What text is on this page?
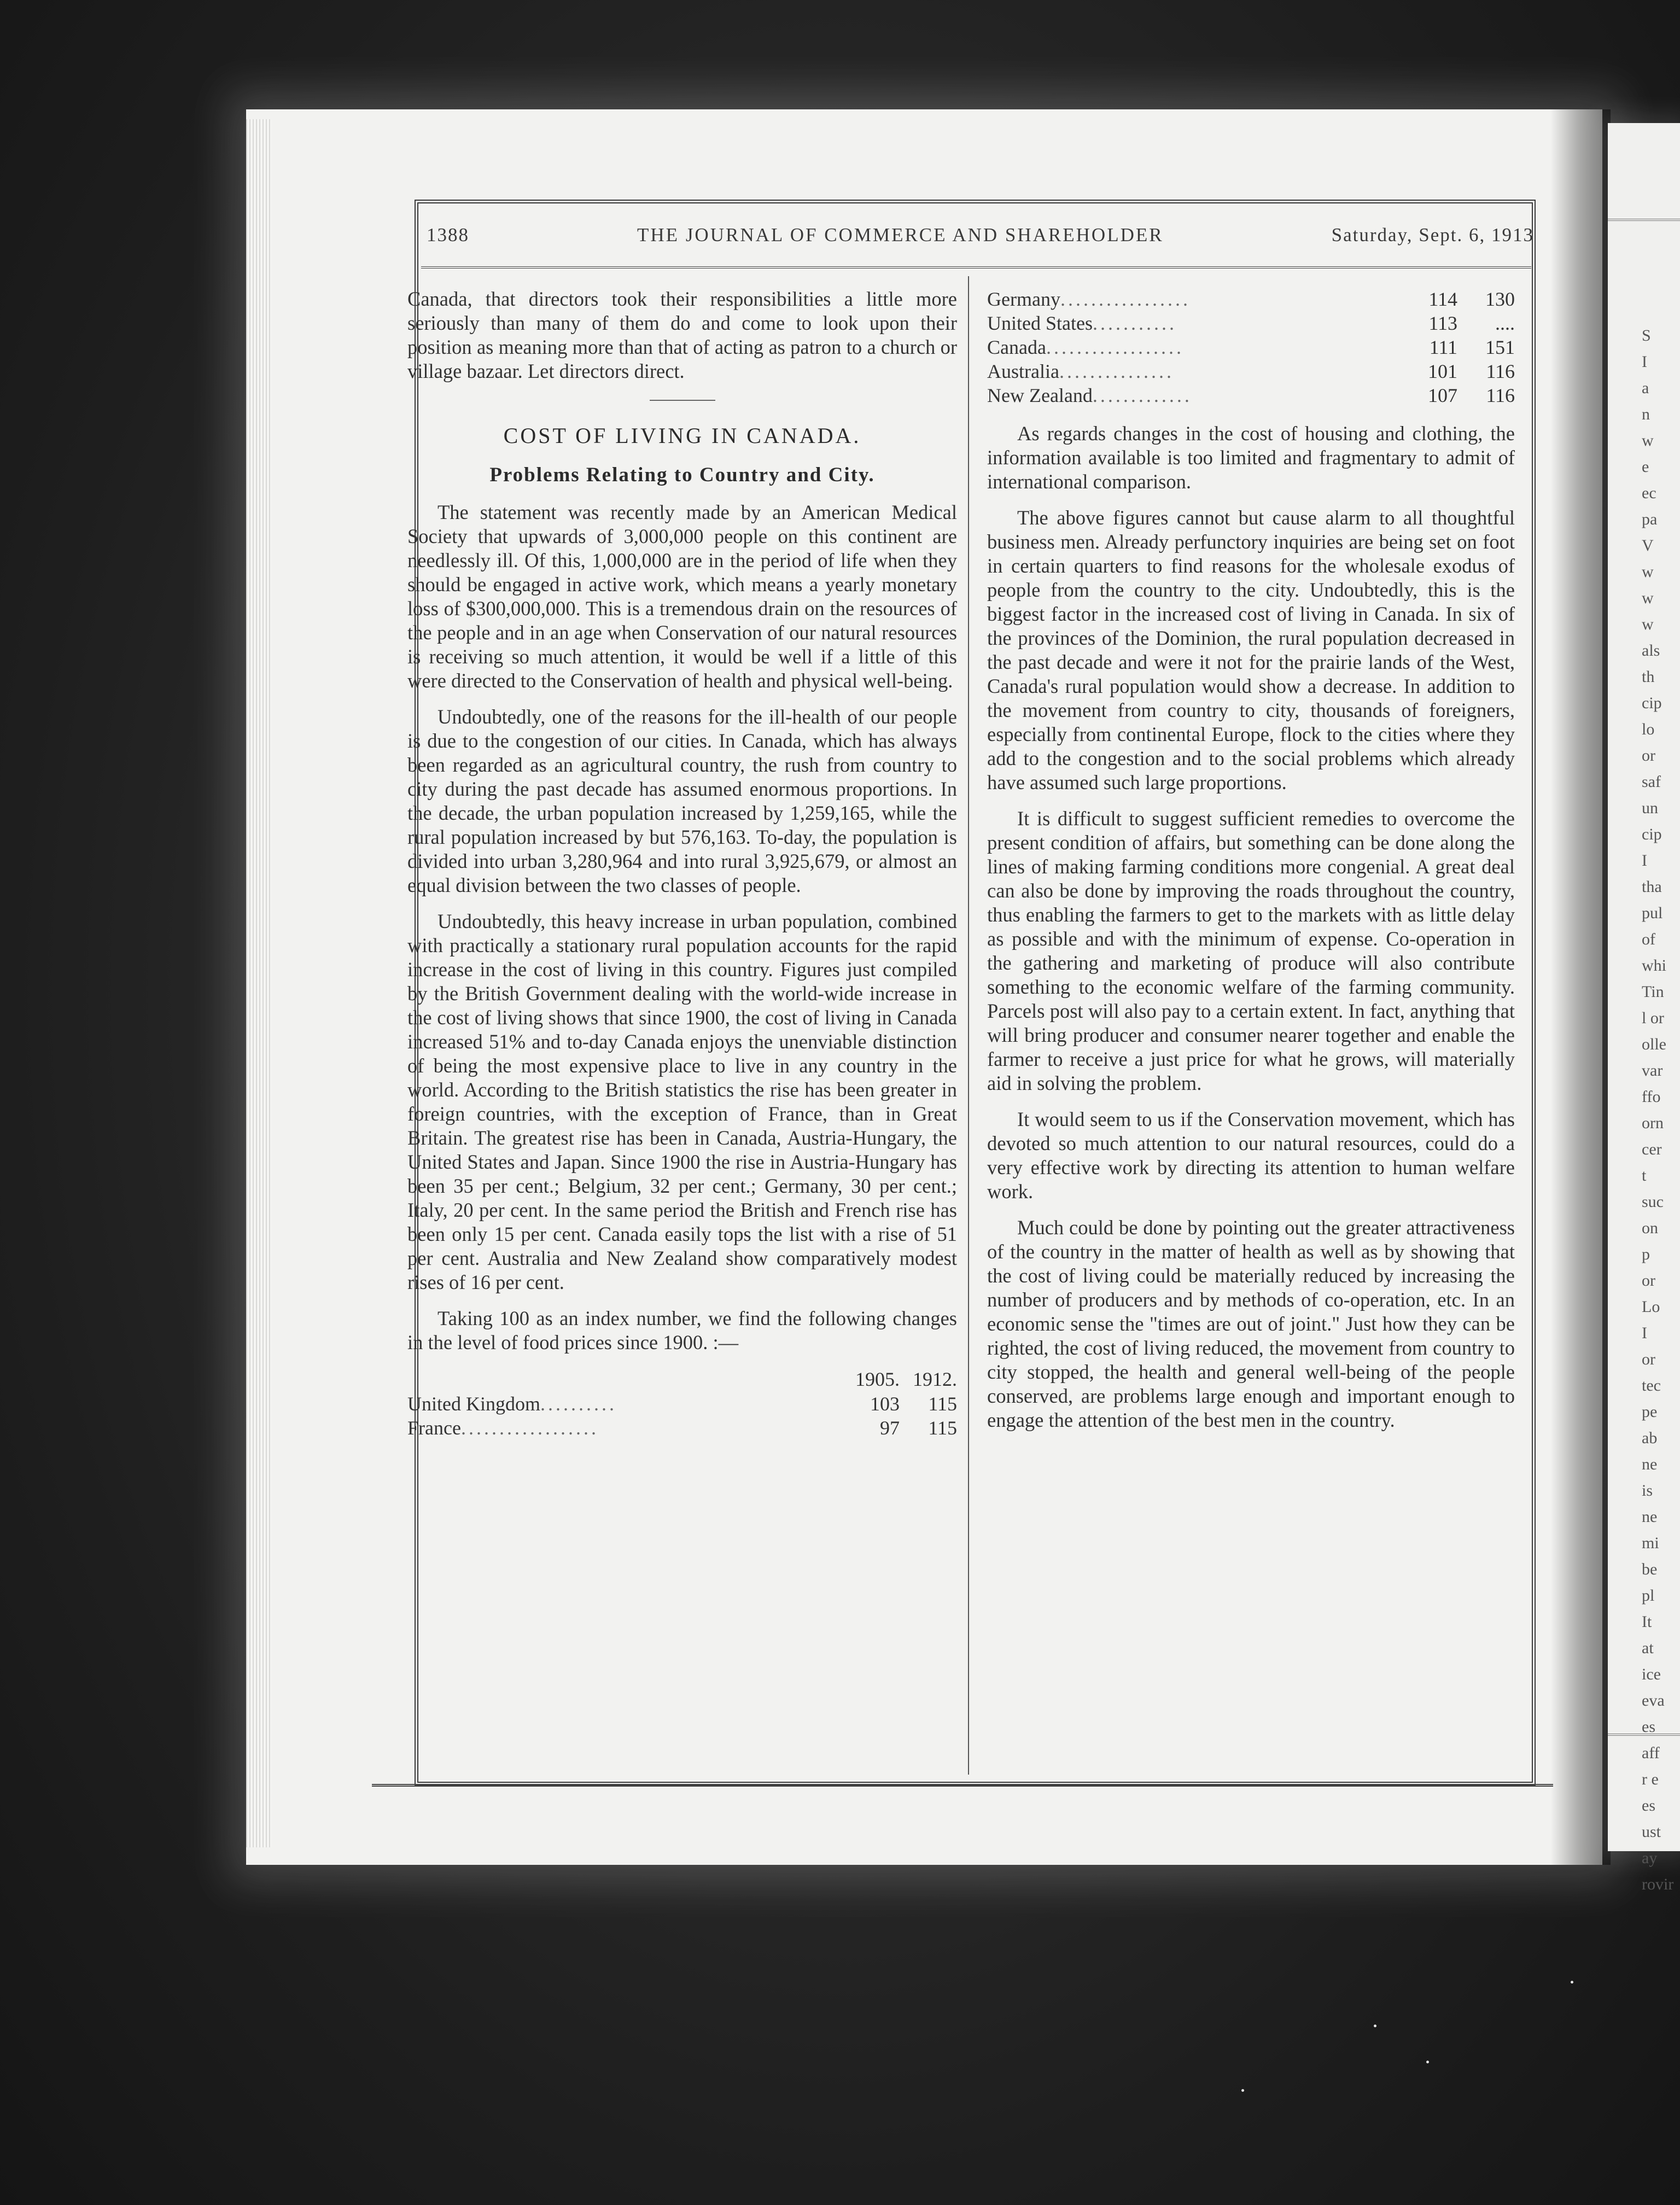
S
I
a
n
w
e
ec
pa
V
w
w
w
als
th
cip
lo
or
saf
un
cip
I
tha
pul
of
whi
Tin
l or
olle
var
ffo
orn
cer
t
suc
on
p
or
Lo
I
or
tec
pe
ab
ne
is
ne
mi
be
pl
It
at
ice
eva
es
aff
r e
es
ust
ay
rovir
1388	THE JOURNAL OF COMMERCE AND SHAREHOLDER	Saturday, Sept. 6, 1913

Canada, that directors took their responsibilities a little more seriously than many of them do and come to look upon their position as meaning more than that of acting as patron to a church or village bazaar. Let directors direct.

COST OF LIVING IN CANADA.
Problems Relating to Country and City.

The statement was recently made by an American Medical Society that upwards of 3,000,000 people on this continent are needlessly ill. Of this, 1,000,000 are in the period of life when they should be engaged in active work, which means a yearly monetary loss of $300,000,000. This is a tremendous drain on the resources of the people and in an age when Conservation of our natural resources is receiving so much attention, it would be well if a little of this were directed to the Conservation of health and physical well-being.

Undoubtedly, one of the reasons for the ill-health of our people is due to the congestion of our cities. In Canada, which has always been regarded as an agricultural country, the rush from country to city during the past decade has assumed enormous proportions. In the decade, the urban population increased by 1,259,165, while the rural population increased by but 576,163. To-day, the population is divided into urban 3,280,964 and into rural 3,925,679, or almost an equal division between the two classes of people.

Undoubtedly, this heavy increase in urban population, combined with practically a stationary rural population accounts for the rapid increase in the cost of living in this country. Figures just compiled by the British Government dealing with the world-wide increase in the cost of living shows that since 1900, the cost of living in Canada increased 51% and to-day Canada enjoys the unenviable distinction of being the most expensive place to live in any country in the world. According to the British statistics the rise has been greater in foreign countries, with the exception of France, than in Great Britain. The greatest rise has been in Canada, Austria-Hungary, the United States and Japan. Since 1900 the rise in Austria-Hungary has been 35 per cent.; Belgium, 32 per cent.; Germany, 30 per cent.; Italy, 20 per cent. In the same period the British and French rise has been only 15 per cent. Canada easily tops the list with a rise of 51 per cent. Australia and New Zealand show comparatively modest rises of 16 per cent.

Taking 100 as an index number, we find the following changes in the level of food prices since 1900. :—

	1905.	1912.
United Kingdom..........	103	115
France..................	97	115
Germany.................	114	130
United States...........	113	....
Canada..................	111	151
Australia...............	101	116
New Zealand.............	107	116

As regards changes in the cost of housing and clothing, the information available is too limited and fragmentary to admit of international comparison.

The above figures cannot but cause alarm to all thoughtful business men. Already perfunctory inquiries are being set on foot in certain quarters to find reasons for the wholesale exodus of people from the country to the city. Undoubtedly, this is the biggest factor in the increased cost of living in Canada. In six of the provinces of the Dominion, the rural population decreased in the past decade and were it not for the prairie lands of the West, Canada's rural population would show a decrease. In addition to the movement from country to city, thousands of foreigners, especially from continental Europe, flock to the cities where they add to the congestion and to the social problems which already have assumed such large proportions.

It is difficult to suggest sufficient remedies to overcome the present condition of affairs, but something can be done along the lines of making farming conditions more congenial. A great deal can also be done by improving the roads throughout the country, thus enabling the farmers to get to the markets with as little delay as possible and with the minimum of expense. Co-operation in the gathering and marketing of produce will also contribute something to the economic welfare of the farming community. Parcels post will also pay to a certain extent. In fact, anything that will bring producer and consumer nearer together and enable the farmer to receive a just price for what he grows, will materially aid in solving the problem.

It would seem to us if the Conservation movement, which has devoted so much attention to our natural resources, could do a very effective work by directing its attention to human welfare work.

Much could be done by pointing out the greater attractiveness of the country in the matter of health as well as by showing that the cost of living could be materially reduced by increasing the number of producers and by methods of co-operation, etc. In an economic sense the "times are out of joint." Just how they can be righted, the cost of living reduced, the movement from country to city stopped, the health and general well-being of the people conserved, are problems large enough and important enough to engage the attention of the best men in the country.
